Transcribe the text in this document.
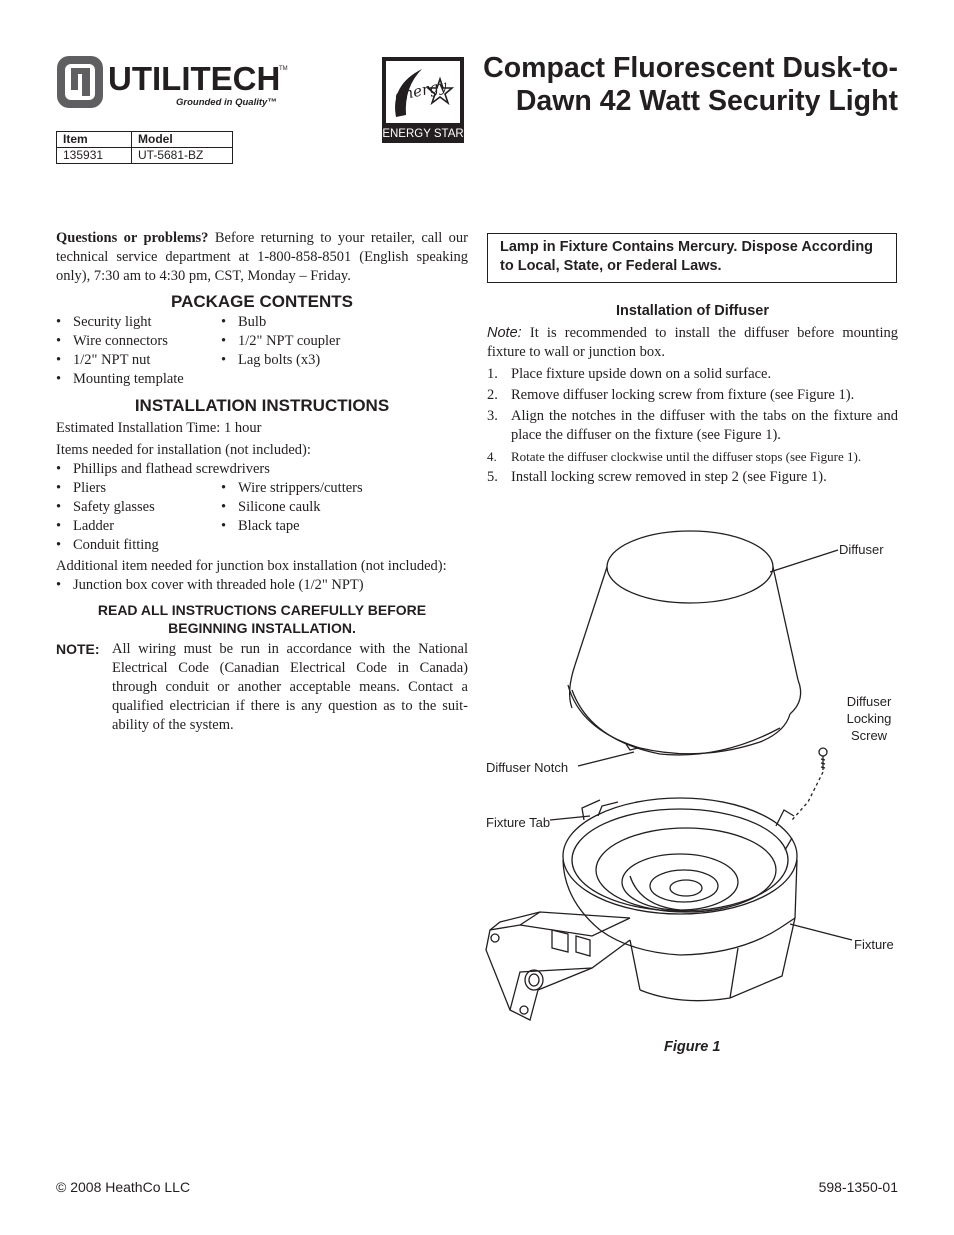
UTILITECH
TM
Grounded in Quality™	energy
ENERGY STAR
Compact Fluorescent Dusk-to-
Dawn 42 Watt Security Light
Item	Model
135931	UT-5681-BZ
Questions or problems? Before returning to your retailer, call our technical service department at 1-800-858-8501 (English speaking only), 7:30 am to 4:30 pm, CST, Monday – Friday.
PACKAGE CONTENTS
• Security light
• Wire connectors
• 1/2" NPT nut
• Mounting template
• Bulb
• 1/2" NPT coupler
• Lag bolts (x3)
INSTALLATION INSTRUCTIONS
Estimated Installation Time: 1 hour
Items needed for installation (not included):
• Phillips and flathead screwdrivers
• Pliers
• Safety glasses
• Ladder
• Conduit fitting
• Wire strippers/cutters
• Silicone caulk
• Black tape
Additional item needed for junction box installation (not included):
• Junction box cover with threaded hole (1/2" NPT)
READ ALL INSTRUCTIONS CAREFULLY BEFORE
BEGINNING INSTALLATION.
NOTE: All wiring must be run in accordance with the National Electrical Code (Canadian Electrical Code in Canada) through conduit or another acceptable means. Contact a qualified electrician if there is any question as to the suit-ability of the system.
Lamp in Fixture Contains Mercury. Dispose According to Local, State, or Federal Laws.
Installation of Diffuser
Note: It is recommended to install the diffuser before mounting fixture to wall or junction box.
1. Place fixture upside down on a solid surface.
2. Remove diffuser locking screw from fixture (see Figure 1).
3. Align the notches in the diffuser with the tabs on the fixture and place the diffuser on the fixture (see Figure 1).
4. Rotate the diffuser clockwise until the diffuser stops (see Figure 1).
5. Install locking screw removed in step 2 (see Figure 1).
Diffuser
Diffuser
Locking
Screw
Diffuser Notch
Fixture Tab
Fixture
Figure 1
© 2008 HeathCo LLC	598-1350-01
